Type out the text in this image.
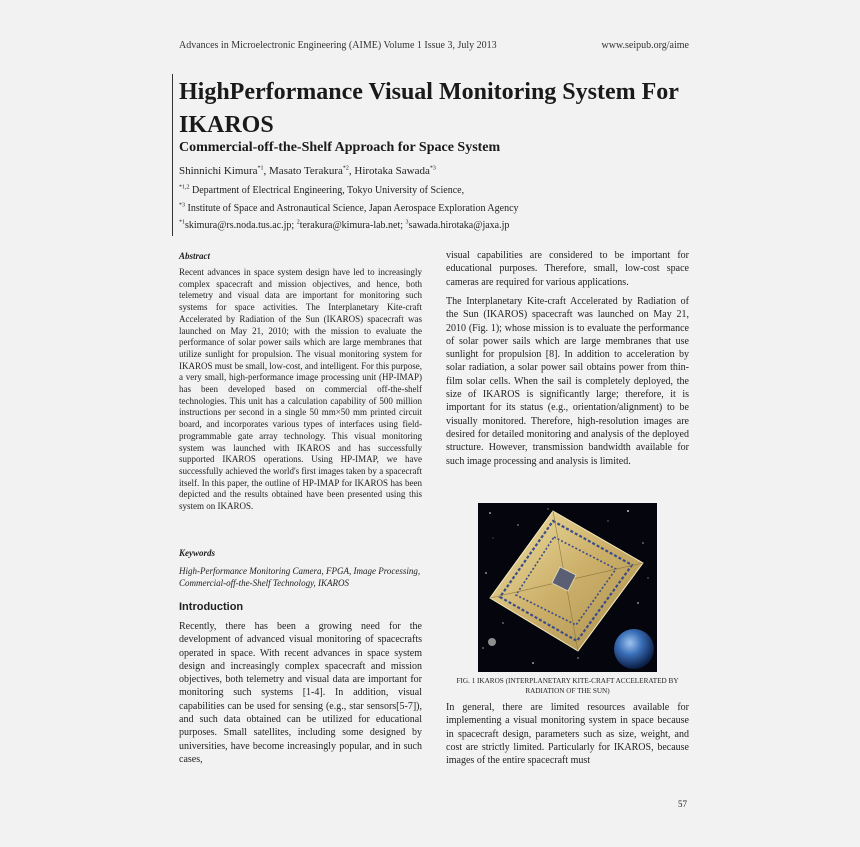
Advances in Microelectronic Engineering (AIME) Volume 1 Issue 3, July 2013	www.seipub.org/aime
HighPerformance Visual Monitoring System For IKAROS
Commercial-off-the-Shelf Approach for Space System
Shinnichi Kimura$^{*1}$, Masato Terakura$^{*2}$, Hirotaka Sawada$^{*3}$
$^{*1,2}$ Department of Electrical Engineering, Tokyo University of Science,
$^{*3}$ Institute of Space and Astronautical Science, Japan Aerospace Exploration Agency
$^{*1}$skimura@rs.noda.tus.ac.jp; $^2$terakura@kimura-lab.net; $^3$sawada.hirotaka@jaxa.jp
Abstract

Recent advances in space system design have led to increasingly complex spacecraft and mission objectives, and hence, both telemetry and visual data are important for monitoring such systems for space activities. The Interplanetary Kite-craft Accelerated by Radiation of the Sun (IKAROS) spacecraft was launched on May 21, 2010; with the mission to evaluate the performance of solar power sails which are large membranes that utilize sunlight for propulsion. The visual monitoring system for IKAROS must be small, low-cost, and intelligent. For this purpose, a very small, high-performance image processing unit (HP-IMAP) has been developed based on commercial off-the-shelf technologies. This unit has a calculation capability of 500 million instructions per second in a single 50 mm×50 mm printed circuit board, and incorporates various types of interfaces using field-programmable gate array technology. This visual monitoring system was launched with IKAROS and has successfully supported IKAROS operations. Using HP-IMAP, we have successfully achieved the world's first images taken by a spacecraft itself. In this paper, the outline of HP-IMAP for IKAROS has been depicted and the results obtained have been presented using this system on IKAROS.

Keywords

High-Performance Monitoring Camera, FPGA, Image Processing, Commercial-off-the-Shelf Technology, IKAROS

Introduction

Recently, there has been a growing need for the development of advanced visual monitoring of spacecrafts operated in space. With recent advances in space system design and increasingly complex spacecraft and mission objectives, both telemetry and visual data are important for monitoring such systems [1-4]. In addition, visual capabilities can be used for sensing (e.g., star sensors[5-7]), and such data obtained can be utilized for educational purposes. Small satellites, including some designed by universities, have become increasingly popular, and in such cases,

visual capabilities are considered to be important for educational purposes. Therefore, small, low-cost space cameras are required for various applications.

The Interplanetary Kite-craft Accelerated by Radiation of the Sun (IKAROS) spacecraft was launched on May 21, 2010 (Fig. 1); whose mission is to evaluate the performance of solar power sails which are large membranes that use sunlight for propulsion [8]. In addition to acceleration by solar radiation, a solar power sail obtains power from thin-film solar cells. When the sail is completely deployed, the size of IKAROS is significantly large; therefore, it is important for its status (e.g., orientation/alignment) to be visually monitored. Therefore, high-resolution images are desired for detailed monitoring and analysis of the deployed structure. However, transmission bandwidth available for such image processing and analysis is limited.

FIG. 1 IKAROS (INTERPLANETARY KITE-CRAFT ACCELERATED BY RADIATION OF THE SUN)

In general, there are limited resources available for implementing a visual monitoring system in space because in spacecraft design, parameters such as size, weight, and cost are strictly limited. Particularly for IKAROS, because images of the entire spacecraft must

57
